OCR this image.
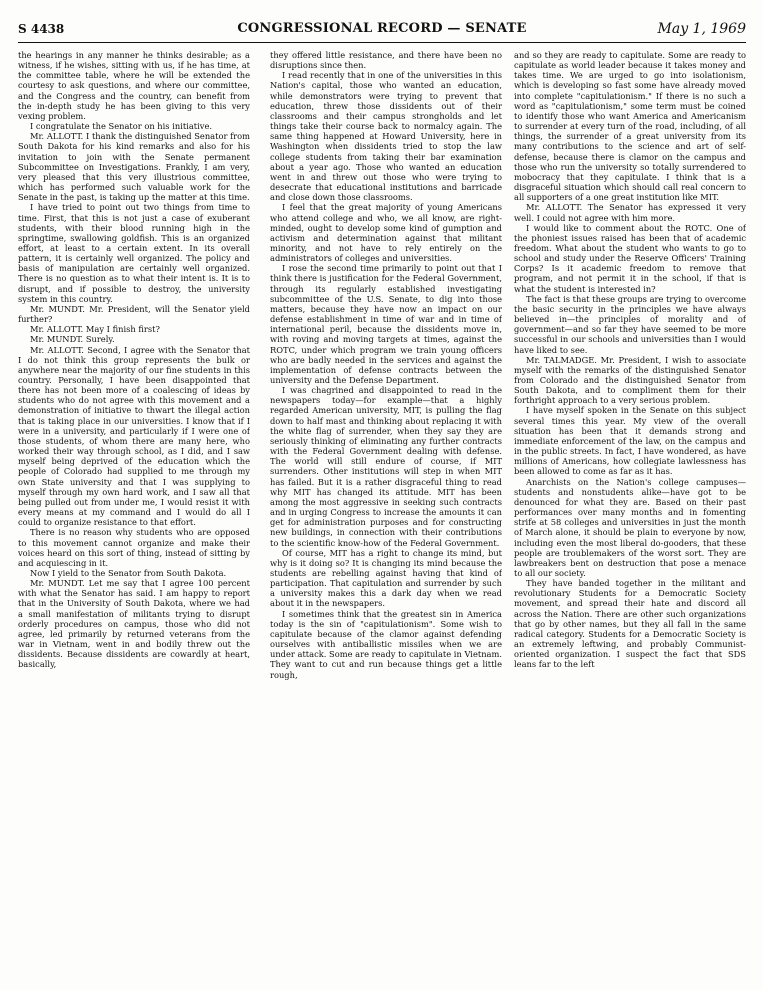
S 4438	CONGRESSIONAL RECORD — SENATE	May 1, 1969

the hearings in any manner he thinks desirable; as a witness, if he wishes, sitting with us, if he has time, at the committee table, where he will be extended the courtesy to ask questions, and where our committee, and the Congress and the country, can benefit from the in-depth study he has been giving to this very vexing problem.

I congratulate the Senator on his initiative.

Mr. ALLOTT. I thank the distinguished Senator from South Dakota for his kind remarks and also for his invitation to join with the Senate permanent Subcommittee on Investigations. Frankly, I am very, very pleased that this very illustrious committee, which has performed such valuable work for the Senate in the past, is taking up the matter at this time.

I have tried to point out two things from time to time. First, that this is not just a case of exuberant students, with their blood running high in the springtime, swallowing goldfish. This is an organized effort, at least to a certain extent. In its overall pattern, it is certainly well organized. The policy and basis of manipulation are certainly well organized. There is no question as to what their intent is. It is to disrupt, and if possible to destroy, the university system in this country.

Mr. MUNDT. Mr. President, will the Senator yield further?

Mr. ALLOTT. May I finish first?

Mr. MUNDT. Surely.

Mr. ALLOTT. Second, I agree with the Senator that I do not think this group represents the bulk or anywhere near the majority of our fine students in this country. Personally, I have been disappointed that there has not been more of a coalescing of ideas by students who do not agree with this movement and a demonstration of initiative to thwart the illegal action that is taking place in our universities. I know that if I were in a university, and particularly if I were one of those students, of whom there are many here, who worked their way through school, as I did, and I saw myself being deprived of the education which the people of Colorado had supplied to me through my own State university and that I was supplying to myself through my own hard work, and I saw all that being pulled out from under me, I would resist it with every means at my command and I would do all I could to organize resistance to that effort.

There is no reason why students who are opposed to this movement cannot organize and make their voices heard on this sort of thing, instead of sitting by and acquiescing in it.

Now I yield to the Senator from South Dakota.

Mr. MUNDT. Let me say that I agree 100 percent with what the Senator has said. I am happy to report that in the University of South Dakota, where we had a small manifestation of militants trying to disrupt orderly procedures on campus, those who did not agree, led primarily by returned veterans from the war in Vietnam, went in and bodily threw out the dissidents. Because dissidents are cowardly at heart, basically,

they offered little resistance, and there have been no disruptions since then.

I read recently that in one of the universities in this Nation's capital, those who wanted an education, while demonstrators were trying to prevent that education, threw those dissidents out of their classrooms and their campus strongholds and let things take their course back to normalcy again. The same thing happened at Howard University, here in Washington when dissidents tried to stop the law college students from taking their bar examination about a year ago. Those who wanted an education went in and threw out those who were trying to desecrate that educational institutions and barricade and close down those classrooms.

I feel that the great majority of young Americans who attend college and who, we all know, are right-minded, ought to develop some kind of gumption and activism and determination against that militant minority, and not have to rely entirely on the administrators of colleges and universities.

I rose the second time primarily to point out that I think there is justification for the Federal Government, through its regularly established investigating subcommittee of the U.S. Senate, to dig into those matters, because they have now an impact on our defense establishment in time of war and in time of international peril, because the dissidents move in, with roving and moving targets at times, against the ROTC, under which program we train young officers who are badly needed in the services and against the implementation of defense contracts between the university and the Defense Department.

I was chagrined and disappointed to read in the newspapers today—for example—that a highly regarded American university, MIT, is pulling the flag down to half mast and thinking about replacing it with the white flag of surrender, when they say they are seriously thinking of eliminating any further contracts with the Federal Government dealing with defense. The world will still endure of course, if MIT surrenders. Other institutions will step in when MIT has failed. But it is a rather disgraceful thing to read why MIT has changed its attitude. MIT has been among the most aggressive in seeking such contracts and in urging Congress to increase the amounts it can get for administration purposes and for constructing new buildings, in connection with their contributions to the scientific know-how of the Federal Government.

Of course, MIT has a right to change its mind, but why is it doing so? It is changing its mind because the students are rebelling against having that kind of participation. That capitulation and surrender by such a university makes this a dark day when we read about it in the newspapers.

I sometimes think that the greatest sin in America today is the sin of "capitulationism". Some wish to capitulate because of the clamor against defending ourselves with antiballistic missiles when we are under attack. Some are ready to capitulate in Vietnam. They want to cut and run because things get a little rough,

and so they are ready to capitulate. Some are ready to capitulate as world leader because it takes money and takes time. We are urged to go into isolationism, which is developing so fast some have already moved into complete "capitulationism." If there is no such a word as "capitulationism," some term must be coined to identify those who want America and Americanism to surrender at every turn of the road, including, of all things, the surrender of a great university from its many contributions to the science and art of self-defense, because there is clamor on the campus and those who run the university so totally surrendered to mobocracy that they capitulate. I think that is a disgraceful situation which should call real concern to all supporters of a one great institution like MIT.

Mr. ALLOTT. The Senator has expressed it very well. I could not agree with him more.

I would like to comment about the ROTC. One of the phoniest issues raised has been that of academic freedom. What about the student who wants to go to school and study under the Reserve Officers' Training Corps? Is it academic freedom to remove that program, and not permit it in the school, if that is what the student is interested in?

The fact is that these groups are trying to overcome the basic security in the principles we have always believed in—the principles of morality and of government—and so far they have seemed to be more successful in our schools and universities than I would have liked to see.

Mr. TALMADGE. Mr. President, I wish to associate myself with the remarks of the distinguished Senator from Colorado and the distinguished Senator from South Dakota, and to compliment them for their forthright approach to a very serious problem.

I have myself spoken in the Senate on this subject several times this year. My view of the overall situation has been that it demands strong and immediate enforcement of the law, on the campus and in the public streets. In fact, I have wondered, as have millions of Americans, how collegiate lawlessness has been allowed to come as far as it has.

Anarchists on the Nation's college campuses—students and nonstudents alike—have got to be denounced for what they are. Based on their past performances over many months and in fomenting strife at 58 colleges and universities in just the month of March alone, it should be plain to everyone by now, including even the most liberal do-gooders, that these people are troublemakers of the worst sort. They are lawbreakers bent on destruction that pose a menace to all our society.

They have banded together in the militant and revolutionary Students for a Democratic Society movement, and spread their hate and discord all across the Nation. There are other such organizations that go by other names, but they all fall in the same radical category. Students for a Democratic Society is an extremely leftwing, and probably Communist-oriented organization. I suspect the fact that SDS leans far to the left
